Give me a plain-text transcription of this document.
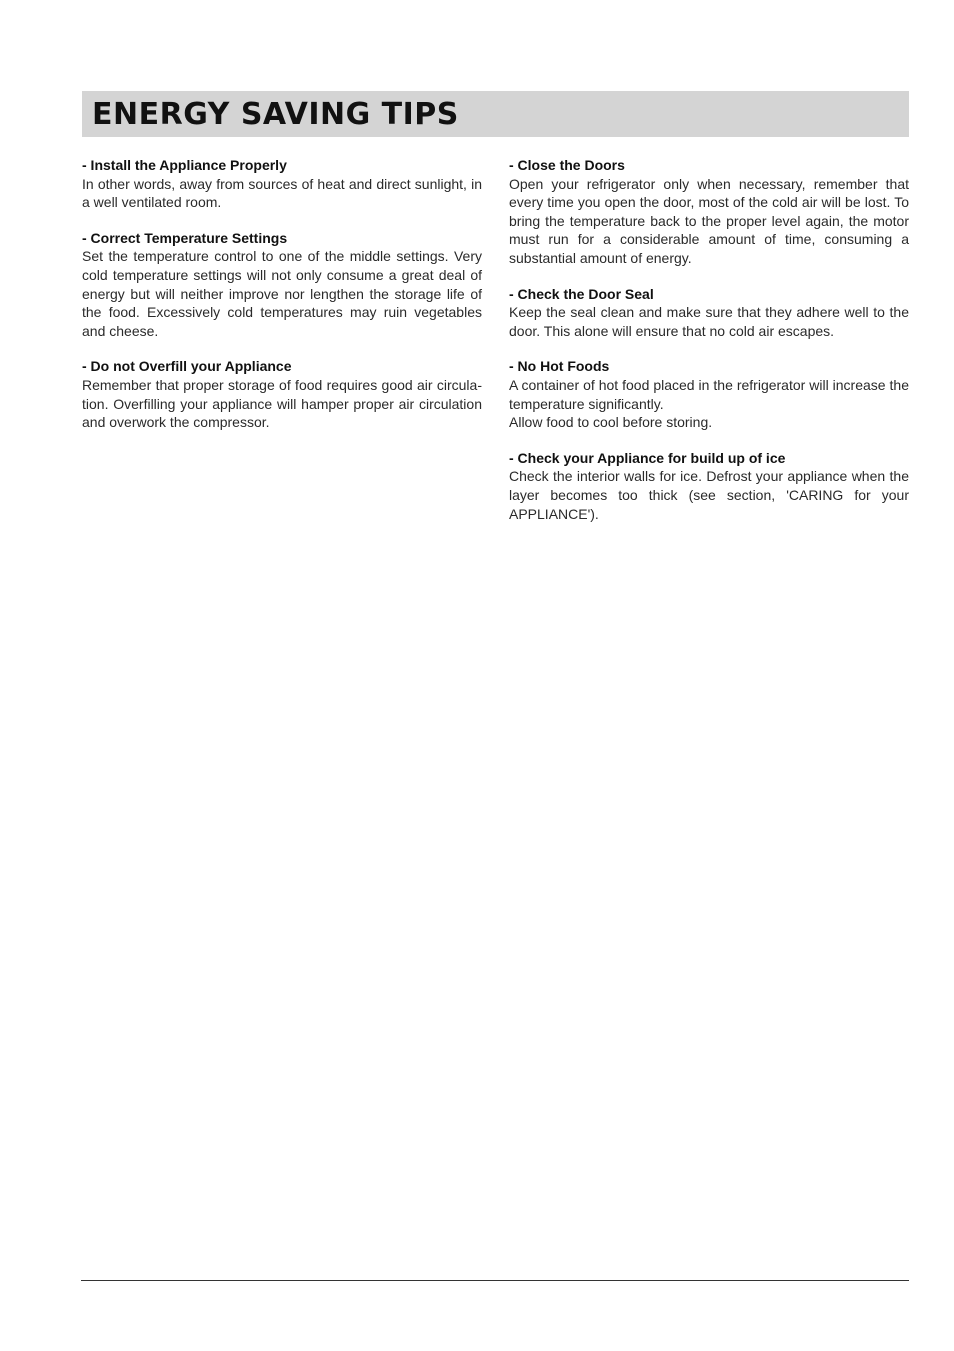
ENERGY SAVING TIPS
- Install the Appliance Properly

In other words, away from sources of heat and direct sunlight, in a well ventilated room.

- Correct Temperature Settings

Set the temperature control to one of the middle settings. Very cold temperature settings will not only consume a great deal of energy but will neither improve nor lengthen the storage life of the food. Excessively cold temperatures may ruin vegetables and cheese.

- Do not Overfill your Appliance

Remember that proper storage of food requires good air circula-tion. Overfilling your appliance will hamper proper air circulation and overwork the compressor.

- Close the Doors

Open your refrigerator only when necessary, remember that every time you open the door, most of the cold air will be lost. To bring the temperature back to the proper level again, the motor must run for a considerable amount of time, consuming a substantial amount of energy.

- Check the Door Seal

Keep the seal clean and make sure that they adhere well to the door. This alone will ensure that no cold air escapes.

- No Hot Foods

A container of hot food placed in the refrigerator will increase the temperature significantly.

Allow food to cool before storing.

- Check your Appliance for build up of ice

Check the interior walls for ice. Defrost your appliance when the layer becomes too thick (see section, 'CARING for your APPLIANCE').
